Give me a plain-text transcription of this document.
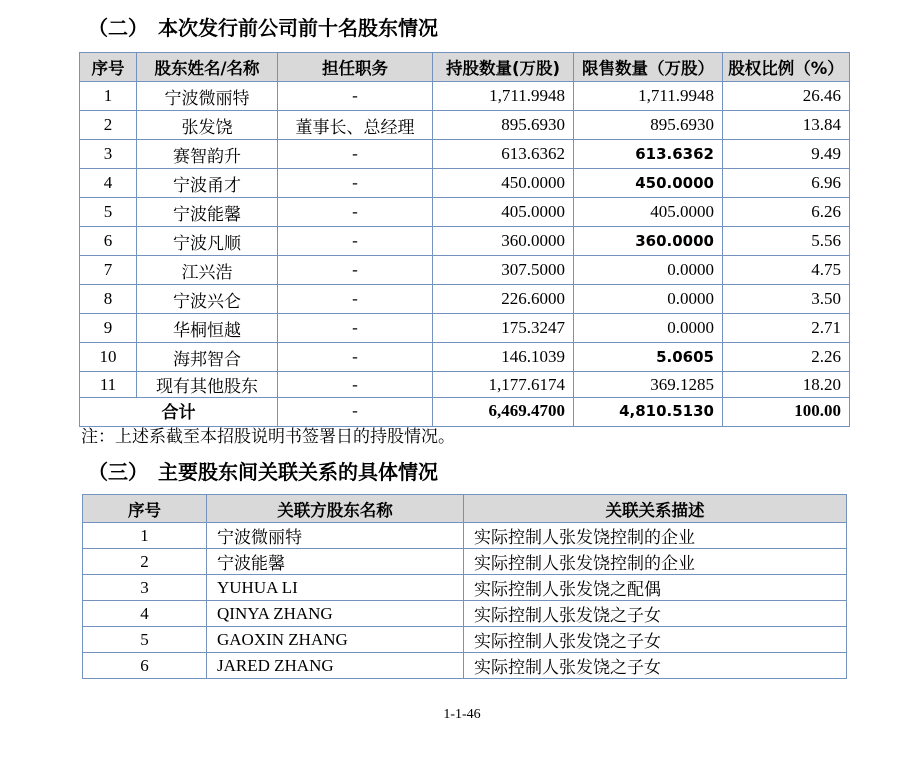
（二） 本次发行前公司前十名股东情况
序号	股东姓名/名称	担任职务	持股数量(万股)	限售数量（万股）	股权比例（%）
1	宁波微丽特	-	1,711.9948	1,711.9948	26.46
2	张发饶	董事长、总经理	895.6930	895.6930	13.84
3	赛智韵升	-	613.6362	613.6362	9.49
4	宁波甬才	-	450.0000	450.0000	6.96
5	宁波能馨	-	405.0000	405.0000	6.26
6	宁波凡顺	-	360.0000	360.0000	5.56
7	江兴浩	-	307.5000	0.0000	4.75
8	宁波兴仑	-	226.6000	0.0000	3.50
9	华桐恒越	-	175.3247	0.0000	2.71
10	海邦智合	-	146.1039	5.0605	2.26
11	现有其他股东	-	1,177.6174	369.1285	18.20
合计		-	6,469.4700	4,810.5130	100.00
注：上述系截至本招股说明书签署日的持股情况。
（三） 主要股东间关联关系的具体情况
序号	关联方股东名称	关联关系描述
1	宁波微丽特	实际控制人张发饶控制的企业
2	宁波能馨	实际控制人张发饶控制的企业
3	YUHUA LI	实际控制人张发饶之配偶
4	QINYA ZHANG	实际控制人张发饶之子女
5	GAOXIN ZHANG	实际控制人张发饶之子女
6	JARED ZHANG	实际控制人张发饶之子女
1-1-46
